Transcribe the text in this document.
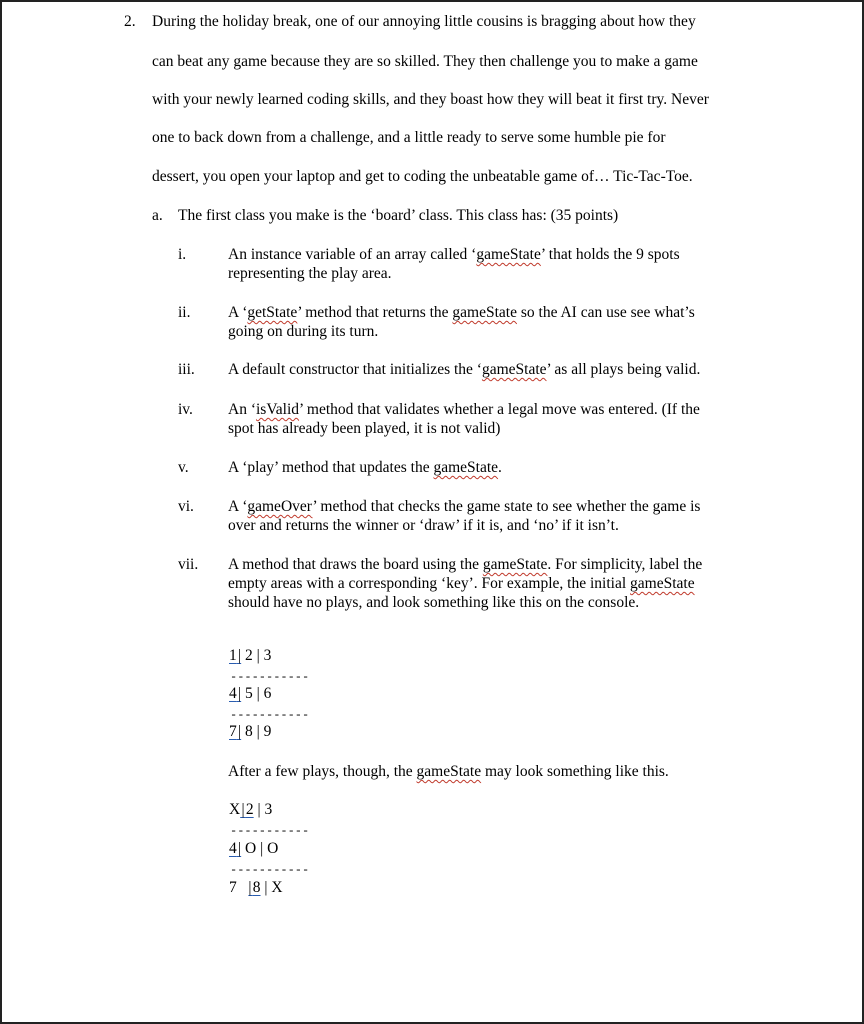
2. During the holiday break, one of our annoying little cousins is bragging about how they
can beat any game because they are so skilled. They then challenge you to make a game
with your newly learned coding skills, and they boast how they will beat it first try. Never
one to back down from a challenge, and a little ready to serve some humble pie for
dessert, you open your laptop and get to coding the unbeatable game of… Tic-Tac-Toe.
a. The first class you make is the ‘board’ class. This class has: (35 points)
i.	An instance variable of an array called ‘gameState’ that holds the 9 spots
representing the play area.
ii. A ‘getState’ method that returns the gameState so the AI can use see what’s
going on during its turn.
iii. A default constructor that initializes the ‘gameState’ as all plays being valid.
iv. An ‘isValid’ method that validates whether a legal move was entered. (If the
spot has already been played, it is not valid)
v.	A ‘play’ method that updates the gameState.
vi. A ‘gameOver’ method that checks the game state to see whether the game is
over and returns the winner or ‘draw’ if it is, and ‘no’ if it isn’t.
vii. A method that draws the board using the gameState. For simplicity, label the
empty areas with a corresponding ‘key’. For example, the initial gameState
should have no plays, and look something like this on the console.
1 | 2 | 3
-----------
4 | 5 | 6
-----------
7 | 8 | 9
After a few plays, though, the gameState may look something like this.
X | 2 | 3
-----------
4 | O | O
-----------
7 | 8 | X
